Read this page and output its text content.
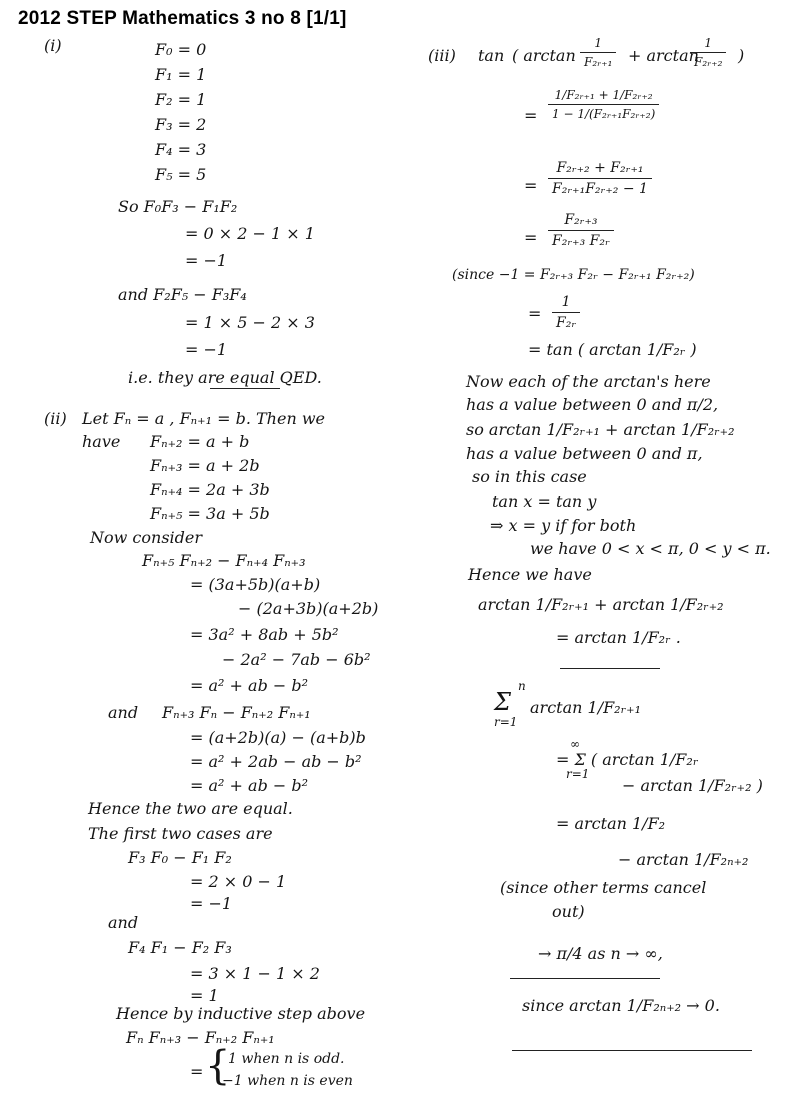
2012 STEP Mathematics 3 no 8 [1/1]
(i)	F₀ = 0
F₁ = 1
F₂ = 1
F₃ = 2
F₄ = 3
F₅ = 5
So F₀F₃ − F₁F₂
= 0 × 2 − 1 × 1
= −1
and F₂F₅ − F₃F₄
= 1 × 5 − 2 × 3
= −1
i.e. they are equal QED.
(ii) Let Fₙ = a , Fₙ₊₁ = b. Then we
have Fₙ₊₂ = a + b
Fₙ₊₃ = a + 2b
Fₙ₊₄ = 2a + 3b
Fₙ₊₅ = 3a + 5b
Now consider
Fₙ₊₅ Fₙ₊₂ − Fₙ₊₄ Fₙ₊₃
= (3a+5b)(a+b)
− (2a+3b)(a+2b)
= 3a² + 8ab + 5b²
− 2a² − 7ab − 6b²
= a² + ab − b²
and Fₙ₊₃ Fₙ − Fₙ₊₂ Fₙ₊₁
= (a+2b)(a) − (a+b)b
= a² + 2ab − ab − b²
= a² + ab − b²
Hence the two are equal.
The first two cases are
F₃ F₀ − F₁ F₂
= 2 × 0 − 1
= −1
and
F₄ F₁ − F₂ F₃
= 3 × 1 − 1 × 2
= 1
Hence by inductive step above
Fₙ Fₙ₊₃ − Fₙ₊₂ Fₙ₊₁
= {
1 when n is odd.
−1 when n is even
(iii) tan ( $\arctan \frac{1}{\text{F₂ᵣ₊₁}} + \arctan$
$\frac{1}{\text{F₂ᵣ₊₂}}$ )
= $\frac{\text{1/F₂ᵣ₊₁ + 1/F₂ᵣ₊₂}}{\text{1 − 1/(F₂ᵣ₊₁F₂ᵣ₊₂)}}$
= $\frac{\text{F₂ᵣ₊₂ + F₂ᵣ₊₁}}{\text{F₂ᵣ₊₁F₂ᵣ₊₂ − 1}}$
= $\frac{\text{F₂ᵣ₊₃}}{\text{F₂ᵣ₊₃ F₂ᵣ}}$
(since −1 = F₂ᵣ₊₃ F₂ᵣ − F₂ᵣ₊₁ F₂ᵣ₊₂)
= $\frac{1}{\text{F₂ᵣ}}$
= tan ( arctan 1/F₂ᵣ )
Now each of the arctan's here
has a value between 0 and π/2,
so arctan 1/F₂ᵣ₊₁ + arctan 1/F₂ᵣ₊₂
has a value between 0 and π,
so in this case
tan x = tan y
⇒ x = y if for both
we have 0 < x < π, 0 < y < π.
Hence we have
arctan 1/F₂ᵣ₊₁ + arctan 1/F₂ᵣ₊₂
= arctan 1/F₂ᵣ .
Σ
n
r=1
arctan 1/F₂ᵣ₊₁
∞
r=1
= Σ ( arctan 1/F₂ᵣ
− arctan 1/F₂ᵣ₊₂ )
= arctan 1/F₂
− arctan 1/F₂ₙ₊₂
(since other terms cancel
out)
→ π/4 as n → ∞,
since arctan 1/F₂ₙ₊₂ → 0.
